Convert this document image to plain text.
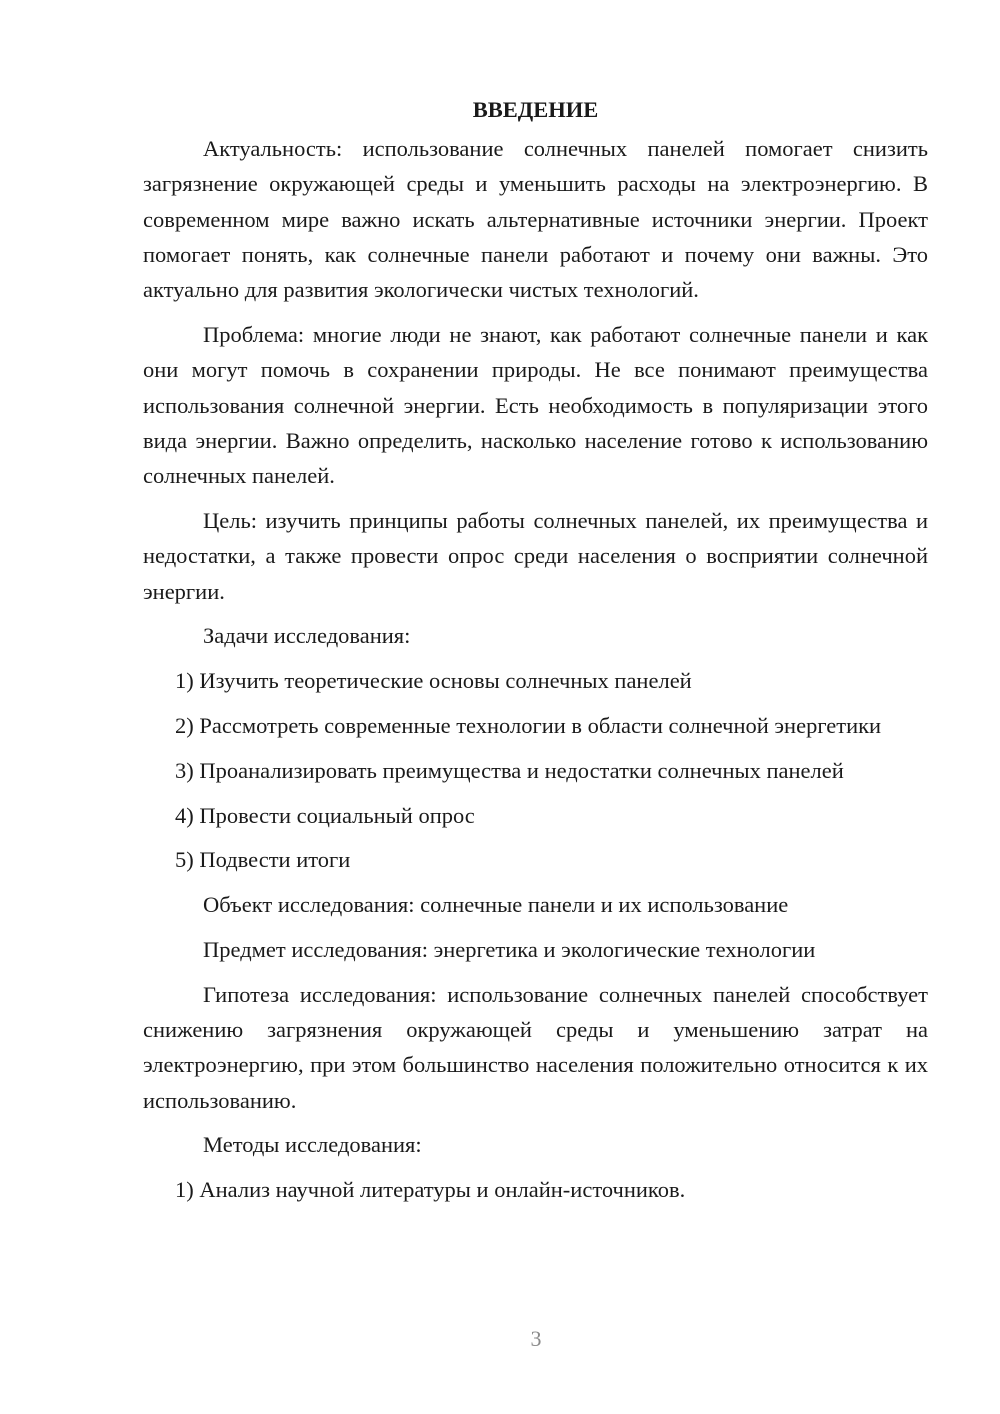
ВВЕДЕНИЕ

Актуальность: использование солнечных панелей помогает снизить загрязнение окружающей среды и уменьшить расходы на электроэнергию. В современном мире важно искать альтернативные источники энергии. Проект помогает понять, как солнечные панели работают и почему они важны. Это актуально для развития экологически чистых технологий.

Проблема: многие люди не знают, как работают солнечные панели и как они могут помочь в сохранении природы. Не все понимают преимущества использования солнечной энергии. Есть необходимость в популяризации этого вида энергии. Важно определить, насколько население готово к использованию солнечных панелей.

Цель: изучить принципы работы солнечных панелей, их преимущества и недостатки, а также провести опрос среди населения о восприятии солнечной энергии.

Задачи исследования:

1) Изучить теоретические основы солнечных панелей

2) Рассмотреть современные технологии в области солнечной энергетики

3) Проанализировать преимущества и недостатки солнечных панелей

4) Провести социальный опрос

5) Подвести итоги

Объект исследования: солнечные панели и их использование

Предмет исследования: энергетика и экологические технологии

Гипотеза исследования: использование солнечных панелей способствует снижению загрязнения окружающей среды и уменьшению затрат на электроэнергию, при этом большинство населения положительно относится к их использованию.

Методы исследования:

1) Анализ научной литературы и онлайн-источников.

3
